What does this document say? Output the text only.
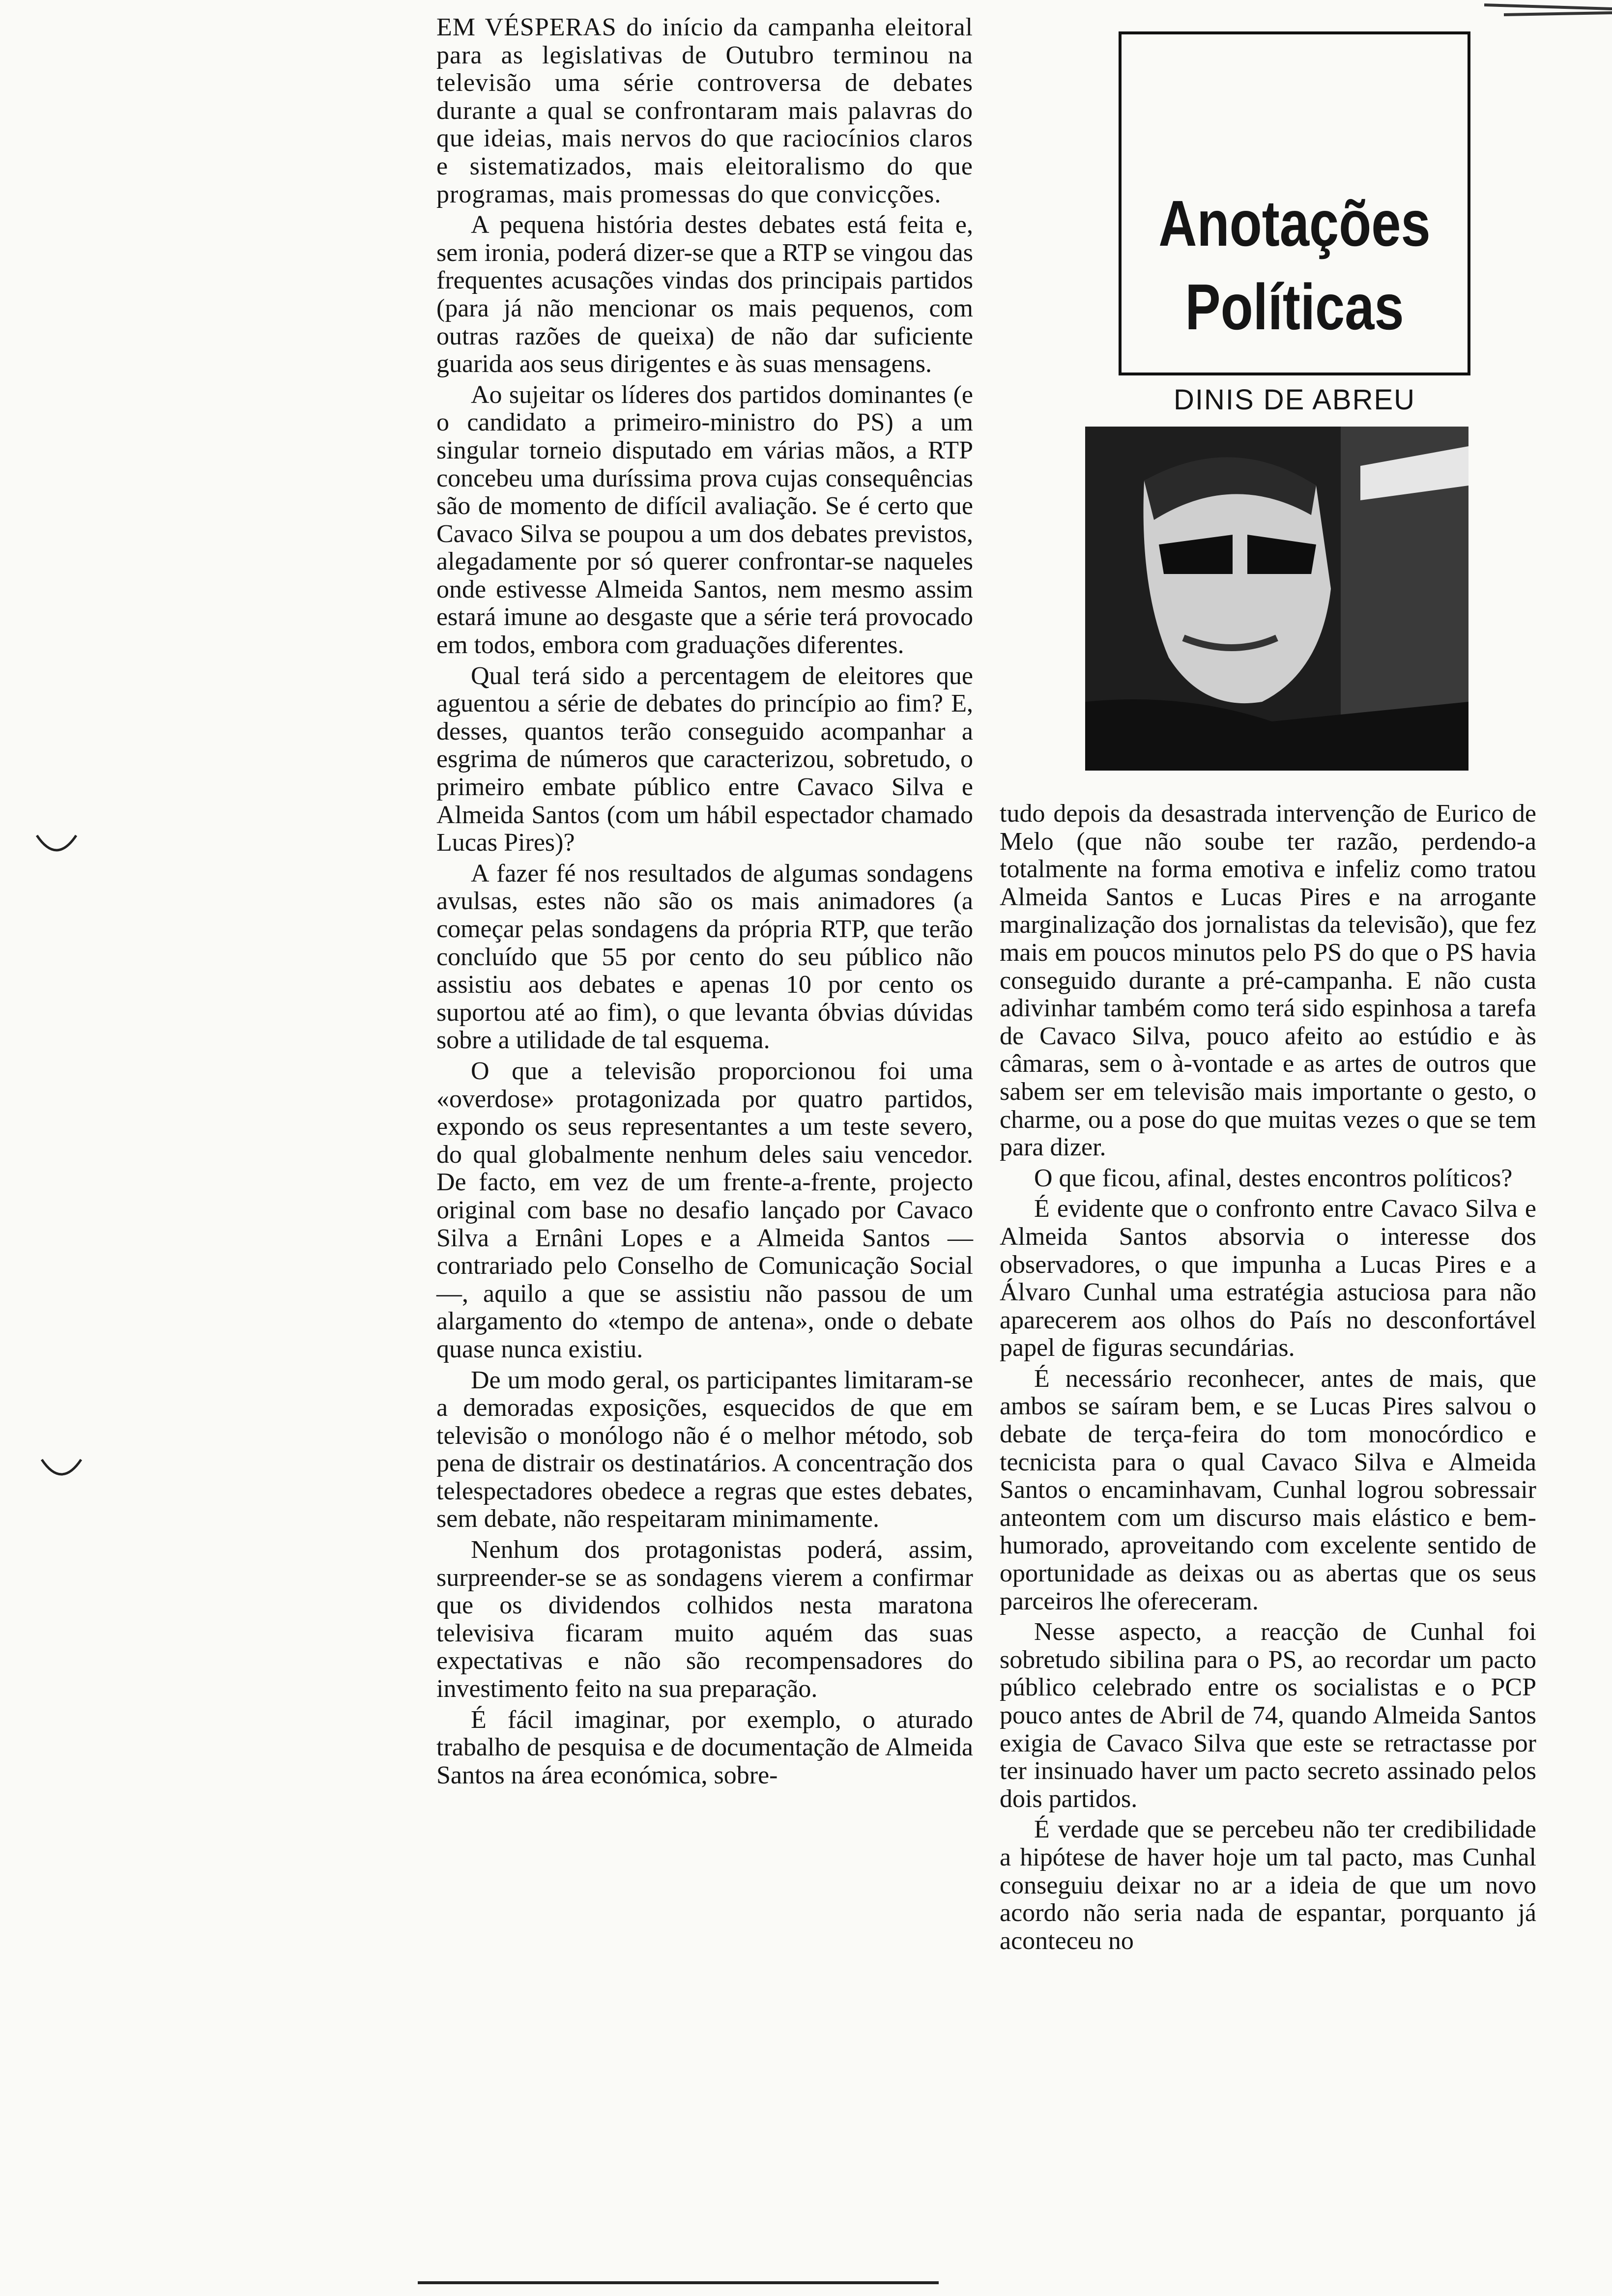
Anotações
Políticas
DINIS DE ABREU

EM VÉSPERAS do início da campanha eleitoral para as legislativas de Outubro terminou na televisão uma série controversa de debates durante a qual se confrontaram mais palavras do que ideias, mais nervos do que raciocínios claros e sistematizados, mais eleitoralismo do que programas, mais promessas do que convicções.

A pequena história destes debates está feita e, sem ironia, poderá dizer-se que a RTP se vingou das frequentes acusações vindas dos principais partidos (para já não mencionar os mais pequenos, com outras razões de queixa) de não dar suficiente guarida aos seus dirigentes e às suas mensagens.

Ao sujeitar os líderes dos partidos dominantes (e o candidato a primeiro-ministro do PS) a um singular torneio disputado em várias mãos, a RTP concebeu uma duríssima prova cujas consequências são de momento de difícil avaliação. Se é certo que Cavaco Silva se poupou a um dos debates previstos, alegadamente por só querer confrontar-se naqueles onde estivesse Almeida Santos, nem mesmo assim estará imune ao desgaste que a série terá provocado em todos, embora com graduações diferentes.

Qual terá sido a percentagem de eleitores que aguentou a série de debates do princípio ao fim? E, desses, quantos terão conseguido acompanhar a esgrima de números que caracterizou, sobretudo, o primeiro embate público entre Cavaco Silva e Almeida Santos (com um hábil espectador chamado Lucas Pires)?

A fazer fé nos resultados de algumas sondagens avulsas, estes não são os mais animadores (a começar pelas sondagens da própria RTP, que terão concluído que 55 por cento do seu público não assistiu aos debates e apenas 10 por cento os suportou até ao fim), o que levanta óbvias dúvidas sobre a utilidade de tal esquema.

O que a televisão proporcionou foi uma «overdose» protagonizada por quatro partidos, expondo os seus representantes a um teste severo, do qual globalmente nenhum deles saiu vencedor. De facto, em vez de um frente-a-frente, projecto original com base no desafio lançado por Cavaco Silva a Ernâni Lopes e a Almeida Santos — contrariado pelo Conselho de Comunicação Social —, aquilo a que se assistiu não passou de um alargamento do «tempo de antena», onde o debate quase nunca existiu.

De um modo geral, os participantes limitaram-se a demoradas exposições, esquecidos de que em televisão o monólogo não é o melhor método, sob pena de distrair os destinatários. A concentração dos telespectadores obedece a regras que estes debates, sem debate, não respeitaram minimamente.

Nenhum dos protagonistas poderá, assim, surpreender-se se as sondagens vierem a confirmar que os dividendos colhidos nesta maratona televisiva ficaram muito aquém das suas expectativas e não são recompensadores do investimento feito na sua preparação.

É fácil imaginar, por exemplo, o aturado trabalho de pesquisa e de documentação de Almeida Santos na área económica, sobre-

tudo depois da desastrada intervenção de Eurico de Melo (que não soube ter razão, perdendo-a totalmente na forma emotiva e infeliz como tratou Almeida Santos e Lucas Pires e na arrogante marginalização dos jornalistas da televisão), que fez mais em poucos minutos pelo PS do que o PS havia conseguido durante a pré-campanha. E não custa adivinhar também como terá sido espinhosa a tarefa de Cavaco Silva, pouco afeito ao estúdio e às câmaras, sem o à-vontade e as artes de outros que sabem ser em televisão mais importante o gesto, o charme, ou a pose do que muitas vezes o que se tem para dizer.

O que ficou, afinal, destes encontros políticos?

É evidente que o confronto entre Cavaco Silva e Almeida Santos absorvia o interesse dos observadores, o que impunha a Lucas Pires e a Álvaro Cunhal uma estratégia astuciosa para não aparecerem aos olhos do País no desconfortável papel de figuras secundárias.

É necessário reconhecer, antes de mais, que ambos se saíram bem, e se Lucas Pires salvou o debate de terça-feira do tom monocórdico e tecnicista para o qual Cavaco Silva e Almeida Santos o encaminhavam, Cunhal logrou sobressair anteontem com um discurso mais elástico e bem-humorado, aproveitando com excelente sentido de oportunidade as deixas ou as abertas que os seus parceiros lhe ofereceram.

Nesse aspecto, a reacção de Cunhal foi sobretudo sibilina para o PS, ao recordar um pacto público celebrado entre os socialistas e o PCP pouco antes de Abril de 74, quando Almeida Santos exigia de Cavaco Silva que este se retractasse por ter insinuado haver um pacto secreto assinado pelos dois partidos.

É verdade que se percebeu não ter credibilidade a hipótese de haver hoje um tal pacto, mas Cunhal conseguiu deixar no ar a ideia de que um novo acordo não seria nada de espantar, porquanto já aconteceu no
